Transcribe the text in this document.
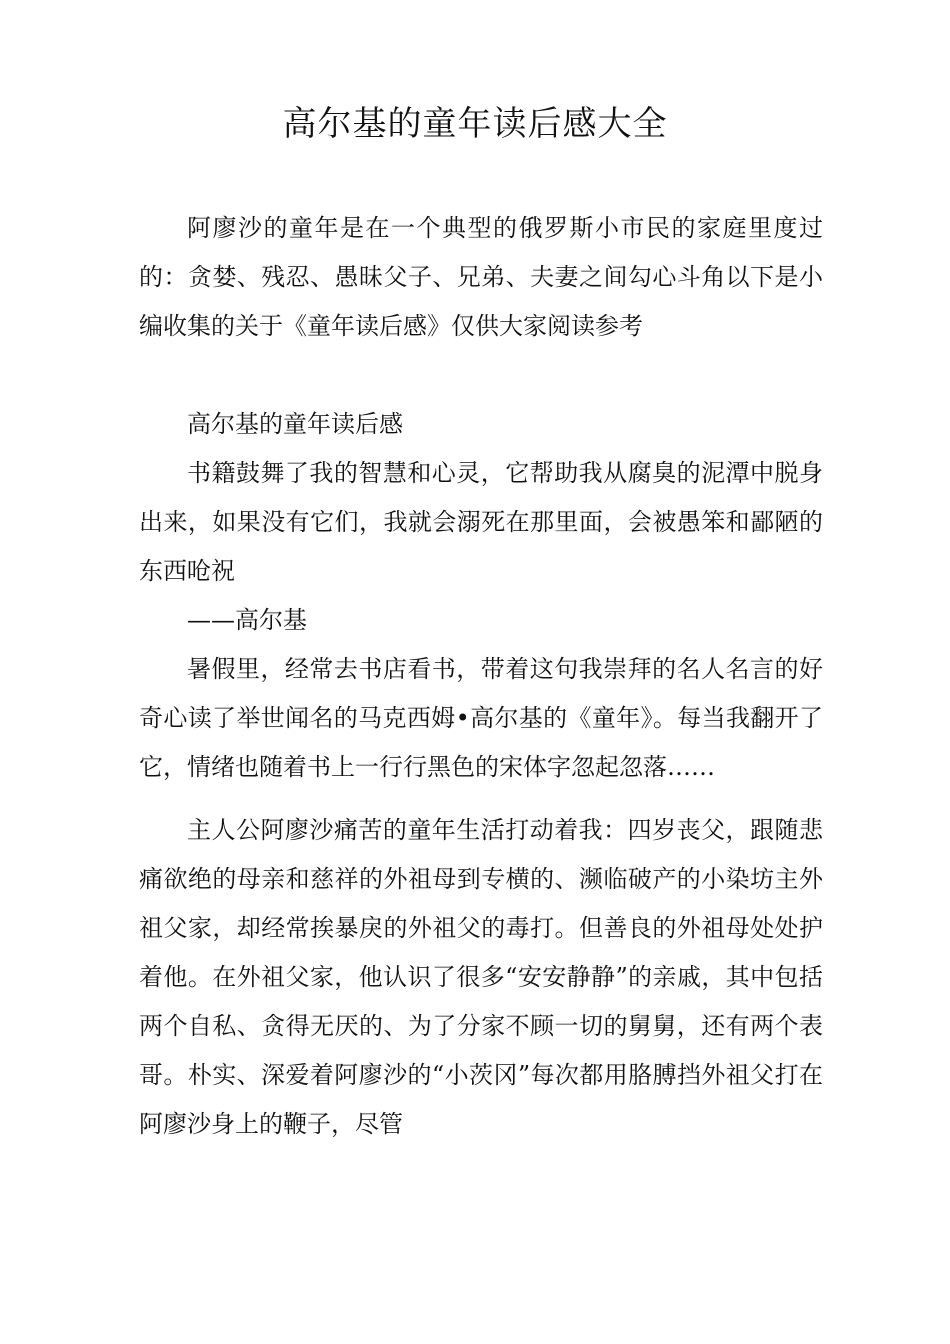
高尔基的童年读后感大全

阿廖沙的童年是在一个典型的俄罗斯小市民的家庭里度过的：贪婪、残忍、愚昧父子、兄弟、夫妻之间勾心斗角以下是小编收集的关于《童年读后感》仅供大家阅读参考

高尔基的童年读后感

书籍鼓舞了我的智慧和心灵，它帮助我从腐臭的泥潭中脱身出来，如果没有它们，我就会溺死在那里面，会被愚笨和鄙陋的东西呛祝

——高尔基

暑假里，经常去书店看书，带着这句我崇拜的名人名言的好奇心读了举世闻名的马克西姆•高尔基的《童年》。每当我翻开了它，情绪也随着书上一行行黑色的宋体字忽起忽落……

主人公阿廖沙痛苦的童年生活打动着我：四岁丧父，跟随悲痛欲绝的母亲和慈祥的外祖母到专横的、濒临破产的小染坊主外祖父家，却经常挨暴戾的外祖父的毒打。但善良的外祖母处处护着他。在外祖父家，他认识了很多“安安静静”的亲戚，其中包括两个自私、贪得无厌的、为了分家不顾一切的舅舅，还有两个表哥。朴实、深爱着阿廖沙的“小茨冈”每次都用胳膊挡外祖父打在阿廖沙身上的鞭子，尽管
